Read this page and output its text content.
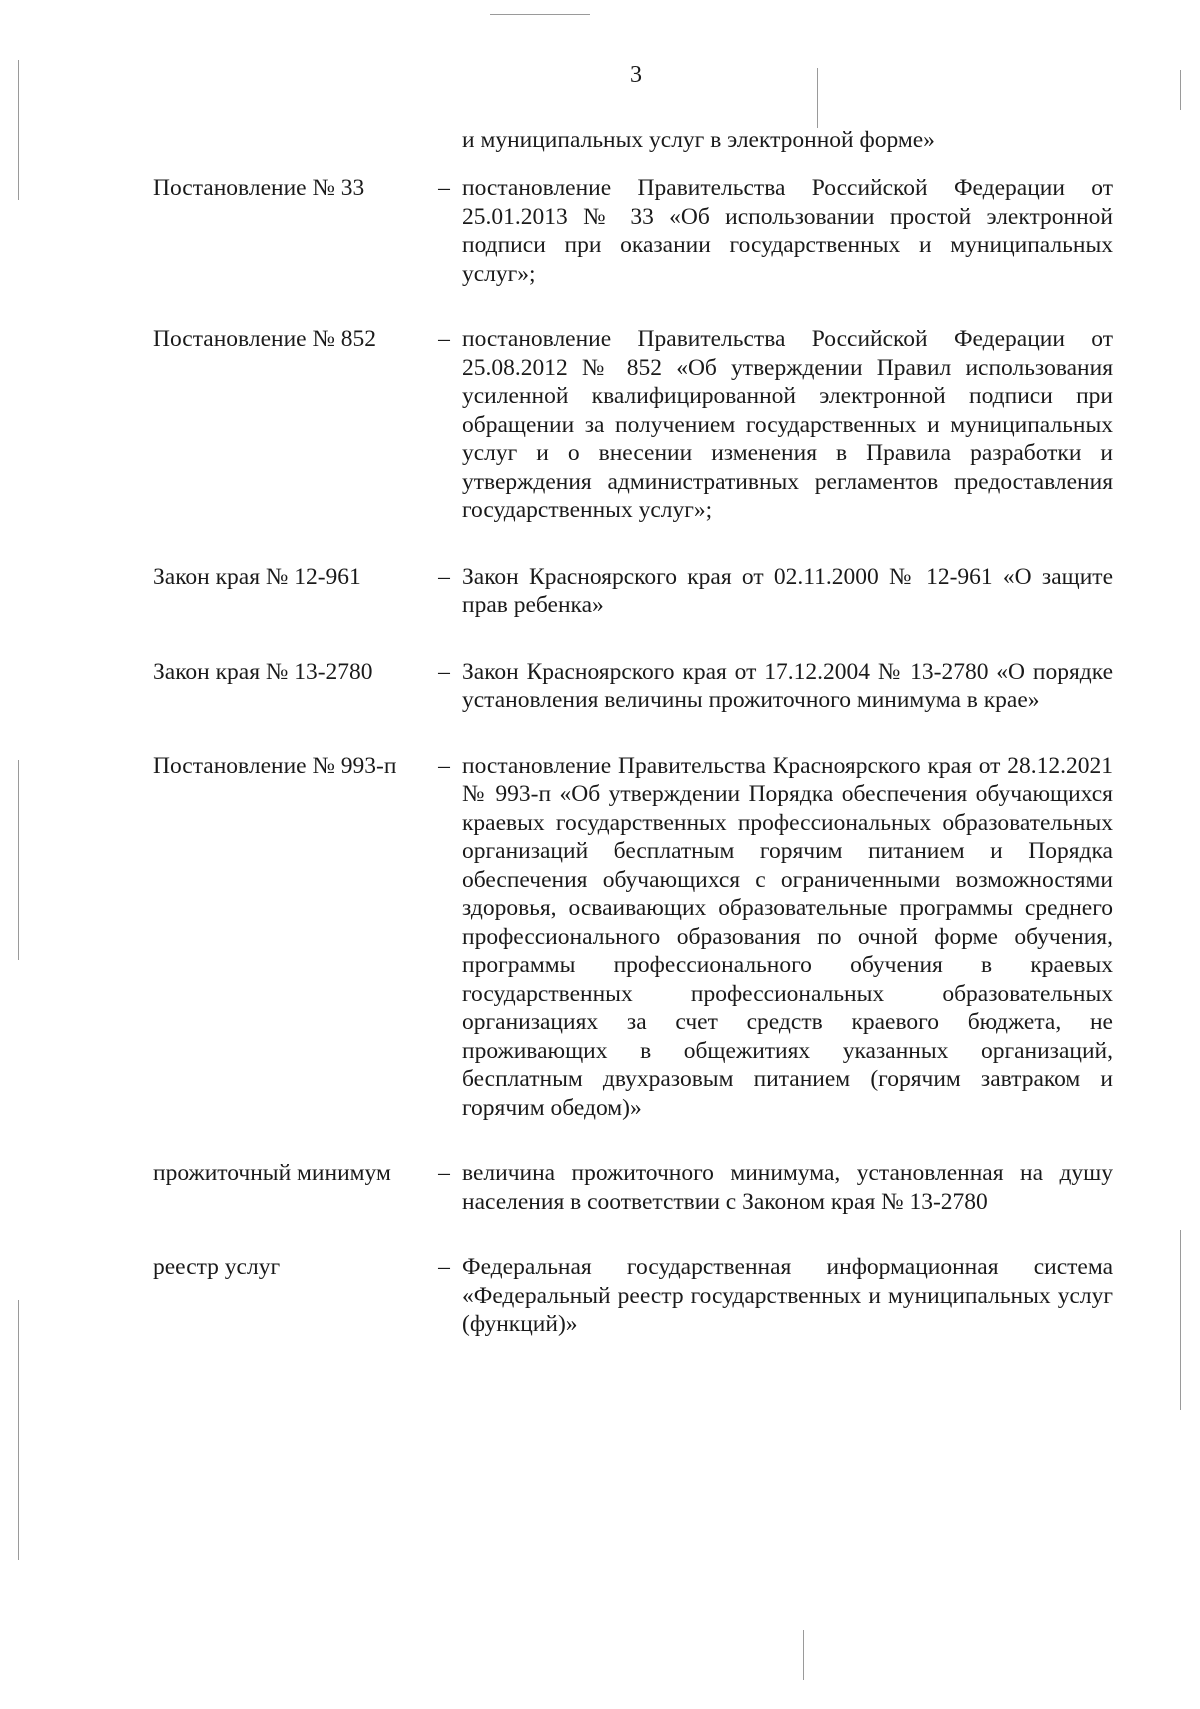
3
и муниципальных услуг в электронной форме»
Постановление № 33	– постановление Правительства Российской Федерации от 25.01.2013 № 33 «Об использовании простой электронной подписи при оказании государственных и муниципальных услуг»;
Постановление № 852	– постановление Правительства Российской Федерации от 25.08.2012 № 852 «Об утверждении Правил использования усиленной квалифицированной электронной подписи при обращении за получением государственных и муниципальных услуг и о внесении изменения в Правила разработки и утверждения административных регламентов предоставления государственных услуг»;
Закон края № 12-961	– Закон Красноярского края от 02.11.2000 № 12-961 «О защите прав ребенка»
Закон края № 13-2780	– Закон Красноярского края от 17.12.2004 № 13-2780 «О порядке установления величины прожиточного минимума в крае»
Постановление № 993-п	– постановление Правительства Красноярского края от 28.12.2021 № 993-п «Об утверждении Порядка обеспечения обучающихся краевых государственных профессиональных образовательных организаций бесплатным горячим питанием и Порядка обеспечения обучающихся с ограниченными возможностями здоровья, осваивающих образовательные программы среднего профессионального образования по очной форме обучения, программы профессионального обучения в краевых государственных профессиональных образовательных организациях за счет средств краевого бюджета, не проживающих в общежитиях указанных организаций, бесплатным двухразовым питанием (горячим завтраком и горячим обедом)»
прожиточный минимум	– величина прожиточного минимума, установленная на душу населения в соответствии с Законом края № 13-2780
реестр услуг	– Федеральная государственная информационная система «Федеральный реестр государственных и муниципальных услуг (функций)»
